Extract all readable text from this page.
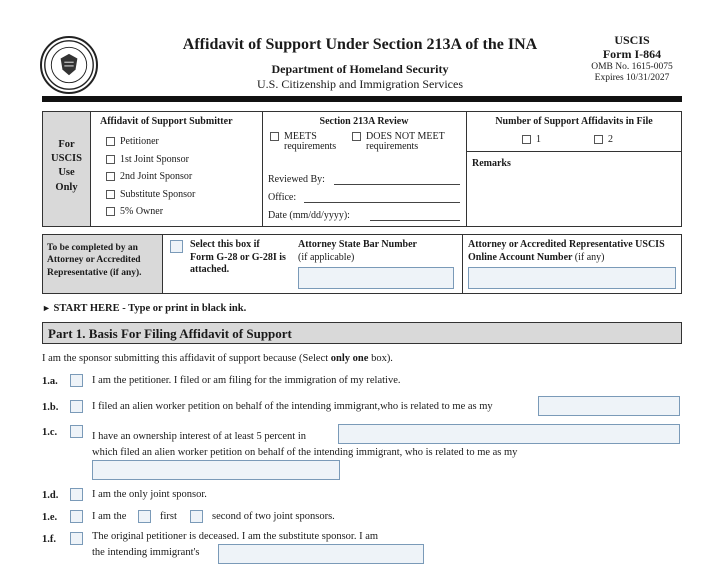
Affidavit of Support Under Section 213A of the INA
Department of Homeland Security
U.S. Citizenship and Immigration Services
USCIS
Form I-864
OMB No. 1615-0075
Expires 10/31/2027
For
USCIS
Use
Only
Affidavit of Support Submitter
Petitioner
1st Joint Sponsor
2nd Joint Sponsor
Substitute Sponsor
5% Owner
Section 213A Review
MEETS
requirements
DOES NOT MEET
requirements
Reviewed By:
Office:
Date (mm/dd/yyyy):
Number of Support Affidavits in File
1	2
Remarks
To be completed by an Attorney or Accredited Representative (if any).
Select this box if Form G-28 or G-28I is attached.
Attorney State Bar Number
(if applicable)
Attorney or Accredited Representative USCIS Online Account Number (if any)
► START HERE - Type or print in black ink.
Part 1. Basis For Filing Affidavit of Support
I am the sponsor submitting this affidavit of support because (Select only one box).
1.a.	I am the petitioner. I filed or am filing for the immigration of my relative.
1.b.	I filed an alien worker petition on behalf of the intending immigrant,who is related to me as my
1.c.	I have an ownership interest of at least 5 percent in
which filed an alien worker petition on behalf of the intending immigrant, who is related to me as my
1.d.	I am the only joint sponsor.
1.e.	I am the	first	second of two joint sponsors.
1.f.	The original petitioner is deceased. I am the substitute sponsor. I am
the intending immigrant's
